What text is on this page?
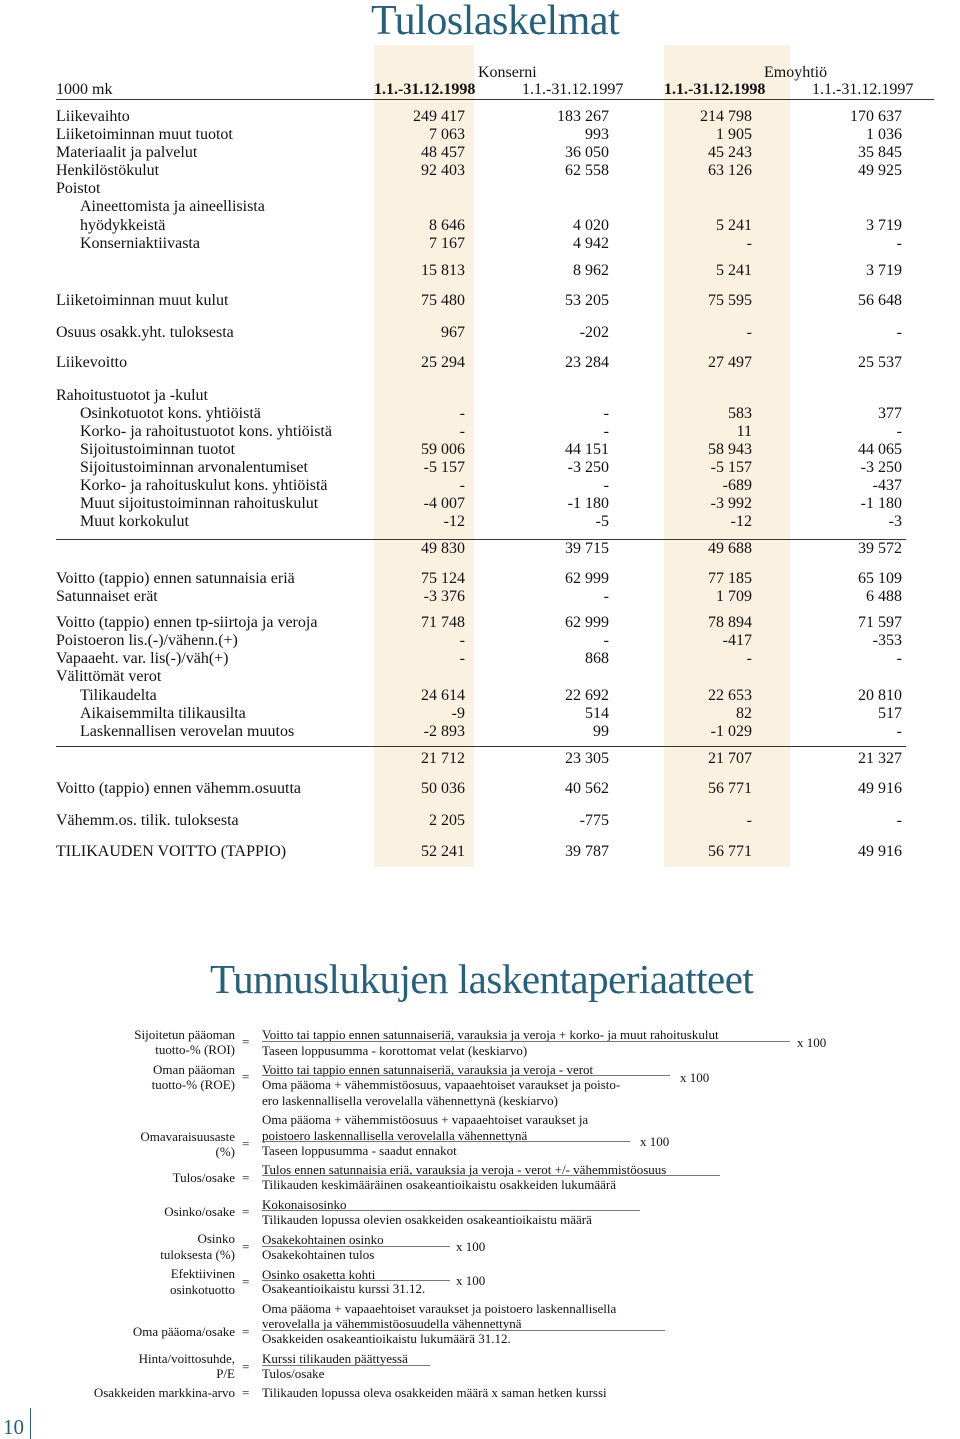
Tuloslaskelmat
Konserni	Emoyhtiö
1000 mk	1.1.-31.12.1998	1.1.-31.12.1997	1.1.-31.12.1998	1.1.-31.12.1997
Liikevaihto	249 417	183 267	214 798	170 637
Liiketoiminnan muut tuotot	7 063	993	1 905	1 036
Materiaalit ja palvelut	48 457	36 050	45 243	35 845
Henkilöstökulut	92 403	62 558	63 126	49 925
Poistot
Aineettomista ja aineellisista
hyödykkeistä	8 646	4 020	5 241	3 719
Konserniaktiivasta	7 167	4 942	-	-
15 813	8 962	5 241	3 719
Liiketoiminnan muut kulut	75 480	53 205	75 595	56 648
Osuus osakk.yht. tuloksesta	967	-202	-	-
Liikevoitto	25 294	23 284	27 497	25 537
Rahoitustuotot ja -kulut
Osinkotuotot kons. yhtiöistä	-	-	583	377
Korko- ja rahoitustuotot kons. yhtiöistä	-	-	11	-
Sijoitustoiminnan tuotot	59 006	44 151	58 943	44 065
Sijoitustoiminnan arvonalentumiset	-5 157	-3 250	-5 157	-3 250
Korko- ja rahoituskulut kons. yhtiöistä	-	-	-689	-437
Muut sijoitustoiminnan rahoituskulut	-4 007	-1 180	-3 992	-1 180
Muut korkokulut	-12	-5	-12	-3
49 830	39 715	49 688	39 572
Voitto (tappio) ennen satunnaisia eriä	75 124	62 999	77 185	65 109
Satunnaiset erät	-3 376	-	1 709	6 488
Voitto (tappio) ennen tp-siirtoja ja veroja	71 748	62 999	78 894	71 597
Poistoeron lis.(-)/vähenn.(+)	-	-	-417	-353
Vapaaeht. var. lis(-)/väh(+)	-	868	-	-
Välittömät verot
Tilikaudelta	24 614	22 692	22 653	20 810
Aikaisemmilta tilikausilta	-9	514	82	517
Laskennallisen verovelan muutos	-2 893	99	-1 029	-
21 712	23 305	21 707	21 327
Voitto (tappio) ennen vähemm.osuutta	50 036	40 562	56 771	49 916
Vähemm.os. tilik. tuloksesta	2 205	-775	-	-
TILIKAUDEN VOITTO (TAPPIO)	52 241	39 787	56 771	49 916
Tunnuslukujen laskentaperiaatteet
Sijoitetun pääoman
tuotto-% (ROI)
= Voitto tai tappio ennen satunnaiseriä, varauksia ja veroja + korko- ja muut rahoituskulut
Taseen loppusumma - korottomat velat (keskiarvo)
x 100
Oman pääoman
tuotto-% (ROE)
= Voitto tai tappio ennen satunnaiseriä, varauksia ja veroja - verot
Oma pääoma + vähemmistöosuus, vapaaehtoiset varaukset ja poisto-
ero laskennallisella verovelalla vähennettynä (keskiarvo)
x 100
Omavaraisuusaste
(%)
=
Oma pääoma + vähemmistöosuus + vapaaehtoiset varaukset ja
poistoero laskennallisella verovelalla vähennettynä
Taseen loppusumma - saadut ennakot
x 100
Tulos/osake =
Tulos ennen satunnaisia eriä, varauksia ja veroja - verot +/- vähemmistöosuus
Tilikauden keskimääräinen osakeantioikaistu osakkeiden lukumäärä
Osinko/osake = Kokonaisosinko
Tilikauden lopussa olevien osakkeiden osakeantioikaistu määrä
Osinko
tuloksesta (%)
= Osakekohtainen osinko
Osakekohtainen tulos
x 100
Efektiivinen
osinkotuotto
= Osinko osaketta kohti
Osakeantioikaistu kurssi 31.12.
x 100
Oma pääoma/osake =
Oma pääoma + vapaaehtoiset varaukset ja poistoero laskennallisella
verovelalla ja vähemmistöosuudella vähennettynä
Osakkeiden osakeantioikaistu lukumäärä 31.12.
Hinta/voittosuhde,
P/E =
Kurssi tilikauden päättyessä
Tulos/osake
Osakkeiden markkina-arvo = Tilikauden lopussa oleva osakkeiden määrä x saman hetken kurssi
10
